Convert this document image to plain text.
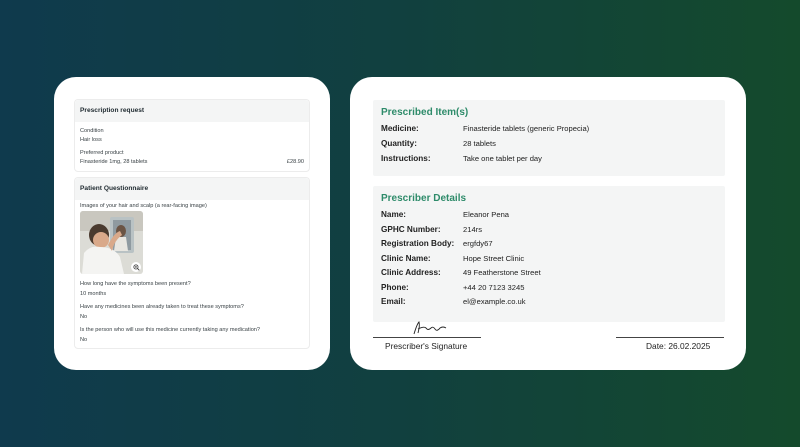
Prescription request
Condition
Hair loss
Preferred product
Finasteride 1mg, 28 tablets	£28.90
Patient Questionnaire
Images of your hair and scalp (a rear-facing image)
How long have the symptoms been present?
10 months
Have any medicines been already taken to treat these symptoms?
No
Is the person who will use this medicine currently taking any medication?
No
Prescribed Item(s)
Medicine:	Finasteride tablets (generic Propecia)
Quantity:	28 tablets
Instructions:	Take one tablet per day
Prescriber Details
Name:	Eleanor Pena
GPHC Number:	214rs
Registration Body: ergfdy67
Clinic Name:	Hope Street Clinic
Clinic Address:	49 Featherstone Street
Phone:	+44 20 7123 3245
Email:	el@example.co.uk
Prescriber's Signature	Date: 26.02.2025
